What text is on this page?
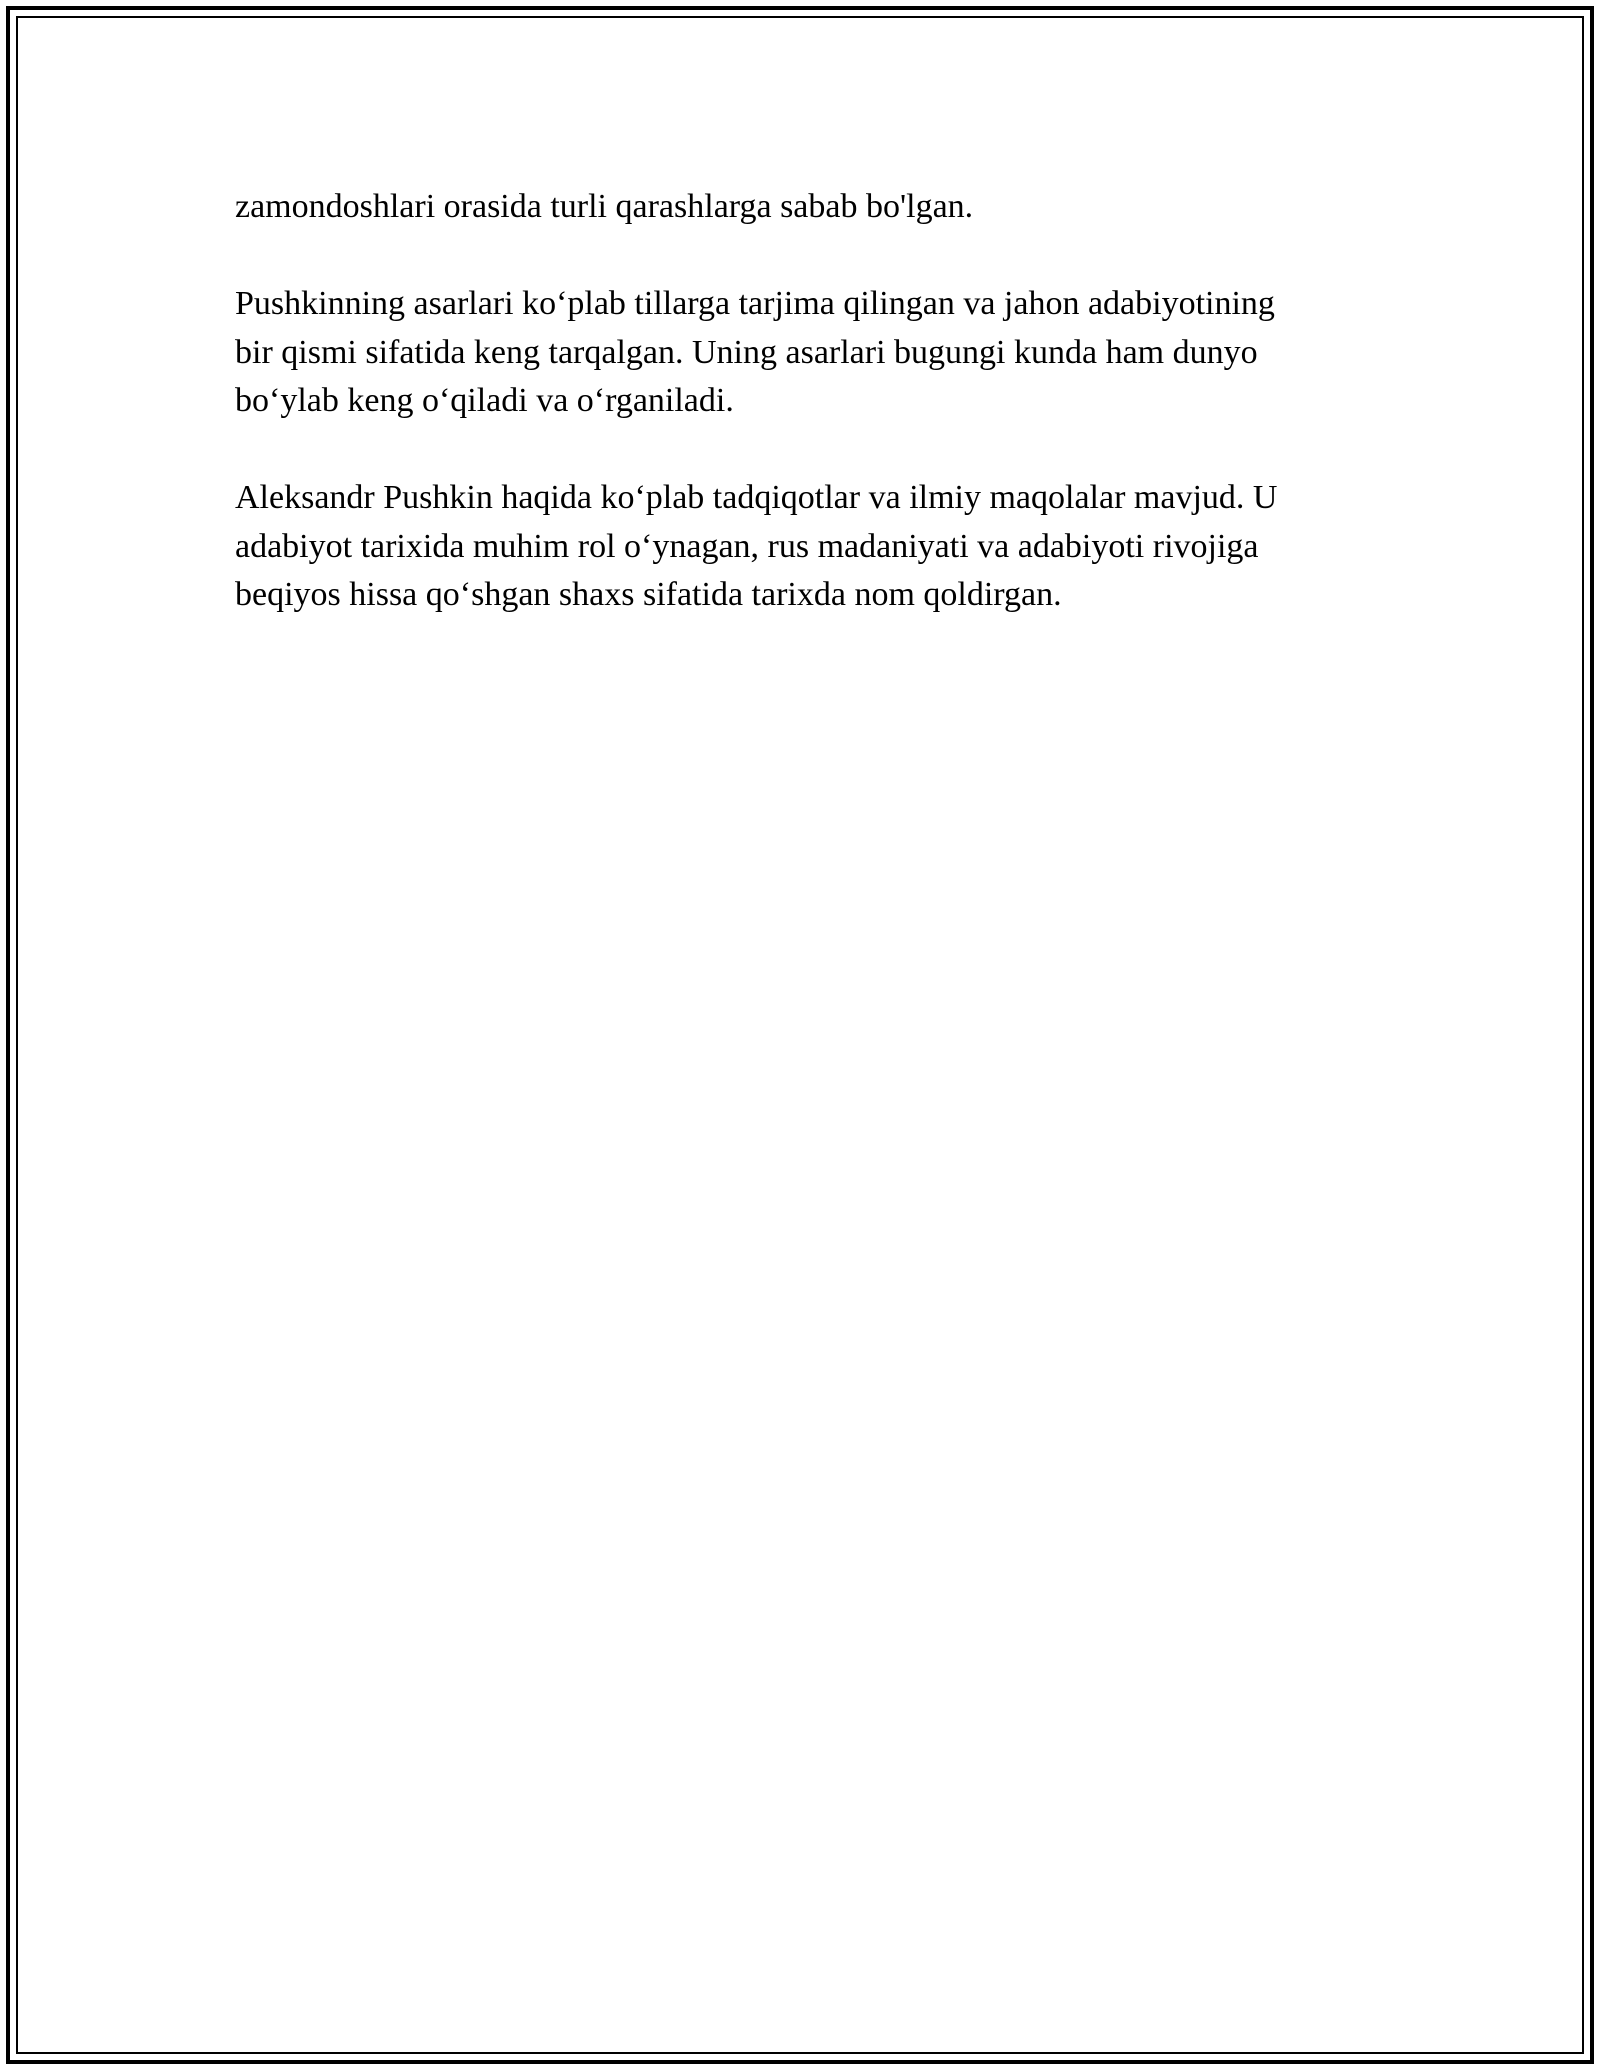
zamondoshlari orasida turli qarashlarga sabab bo'lgan.

Pushkinning asarlari ko‘plab tillarga tarjima qilingan va jahon adabiyotining
bir qismi sifatida keng tarqalgan. Uning asarlari bugungi kunda ham dunyo
bo‘ylab keng o‘qiladi va o‘rganiladi.

Aleksandr Pushkin haqida ko‘plab tadqiqotlar va ilmiy maqolalar mavjud. U
adabiyot tarixida muhim rol o‘ynagan, rus madaniyati va adabiyoti rivojiga
beqiyos hissa qo‘shgan shaxs sifatida tarixda nom qoldirgan.
